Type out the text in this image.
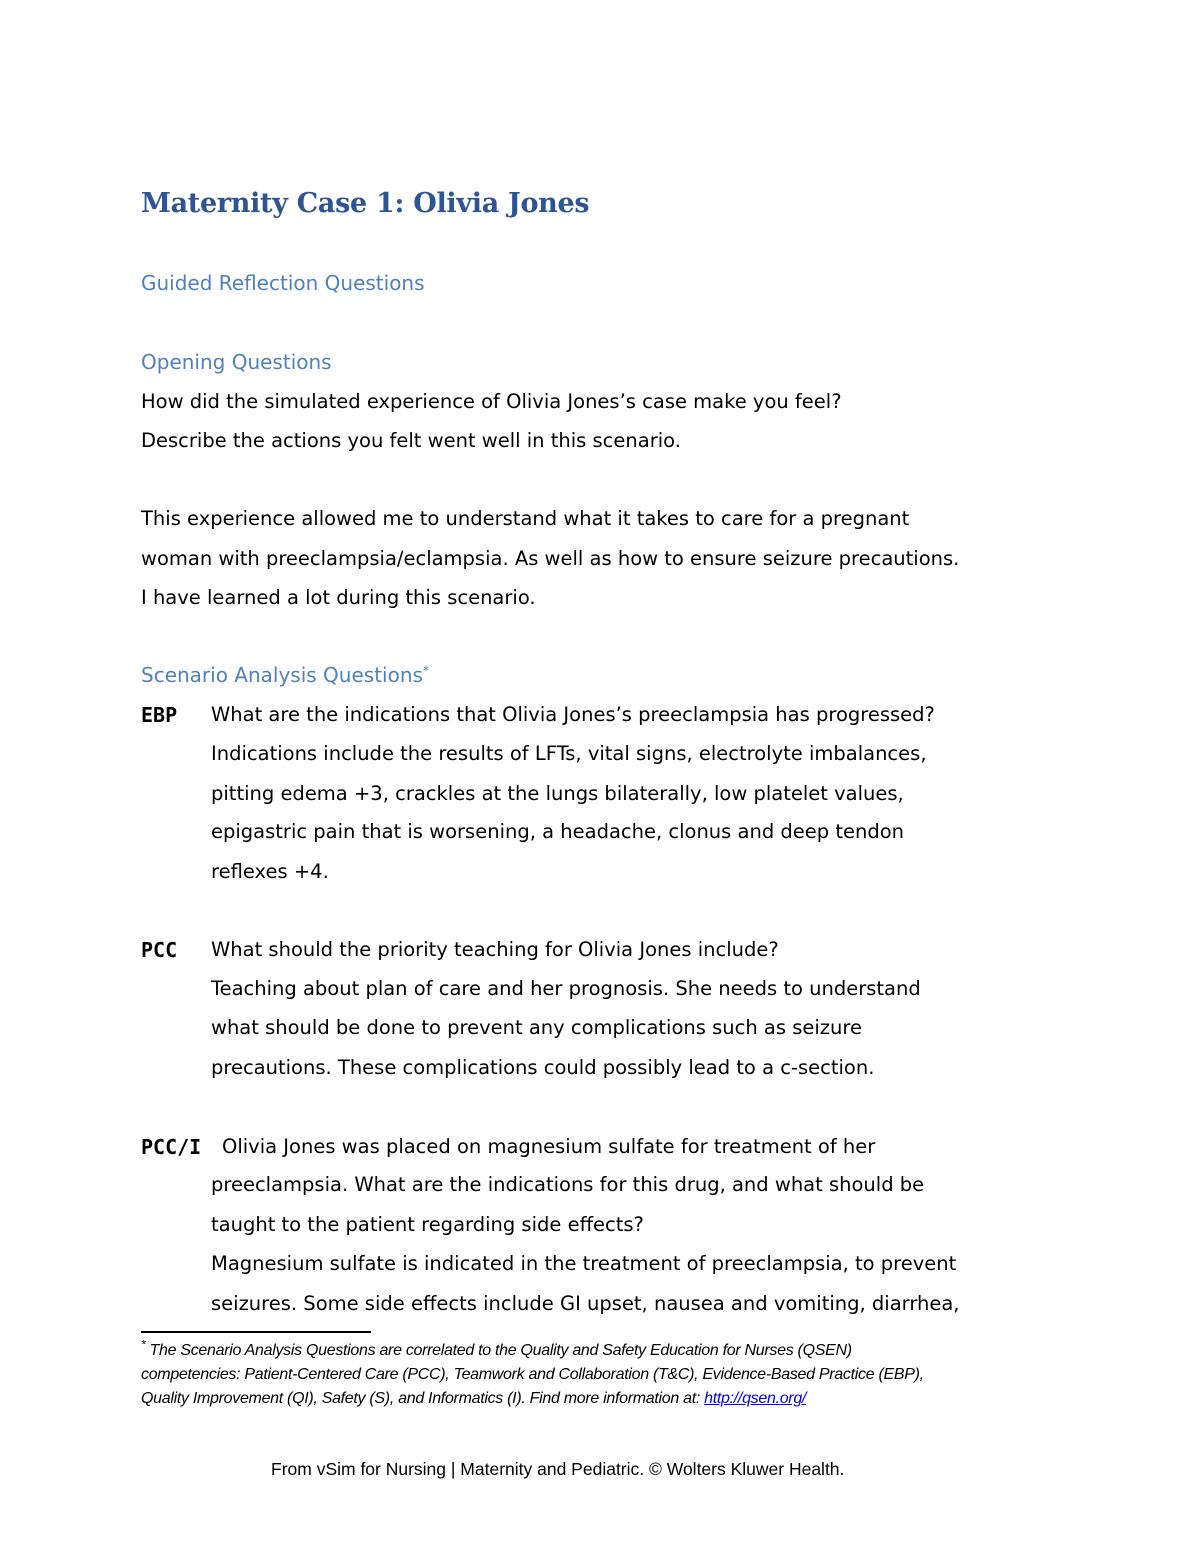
Maternity Case 1: Olivia Jones
Guided Reflection Questions
Opening Questions
How did the simulated experience of Olivia Jones’s case make you feel?
Describe the actions you felt went well in this scenario.
This experience allowed me to understand what it takes to care for a pregnant
woman with preeclampsia/eclampsia. As well as how to ensure seizure precautions.
I have learned a lot during this scenario.
Scenario Analysis Questions*
EBP What are the indications that Olivia Jones’s preeclampsia has progressed?
Indications include the results of LFTs, vital signs, electrolyte imbalances,
pitting edema +3, crackles at the lungs bilaterally, low platelet values,
epigastric pain that is worsening, a headache, clonus and deep tendon
reflexes +4.
PCC What should the priority teaching for Olivia Jones include?
Teaching about plan of care and her prognosis. She needs to understand
what should be done to prevent any complications such as seizure
precautions. These complications could possibly lead to a c-section.
PCC/I Olivia Jones was placed on magnesium sulfate for treatment of her
preeclampsia. What are the indications for this drug, and what should be
taught to the patient regarding side effects?
Magnesium sulfate is indicated in the treatment of preeclampsia, to prevent
seizures. Some side effects include GI upset, nausea and vomiting, diarrhea,
* The Scenario Analysis Questions are correlated to the Quality and Safety Education for Nurses (QSEN)
competencies: Patient-Centered Care (PCC), Teamwork and Collaboration (T&C), Evidence-Based Practice (EBP),
Quality Improvement (QI), Safety (S), and Informatics (I). Find more information at: http://qsen.org/
From vSim for Nursing | Maternity and Pediatric. © Wolters Kluwer Health.
